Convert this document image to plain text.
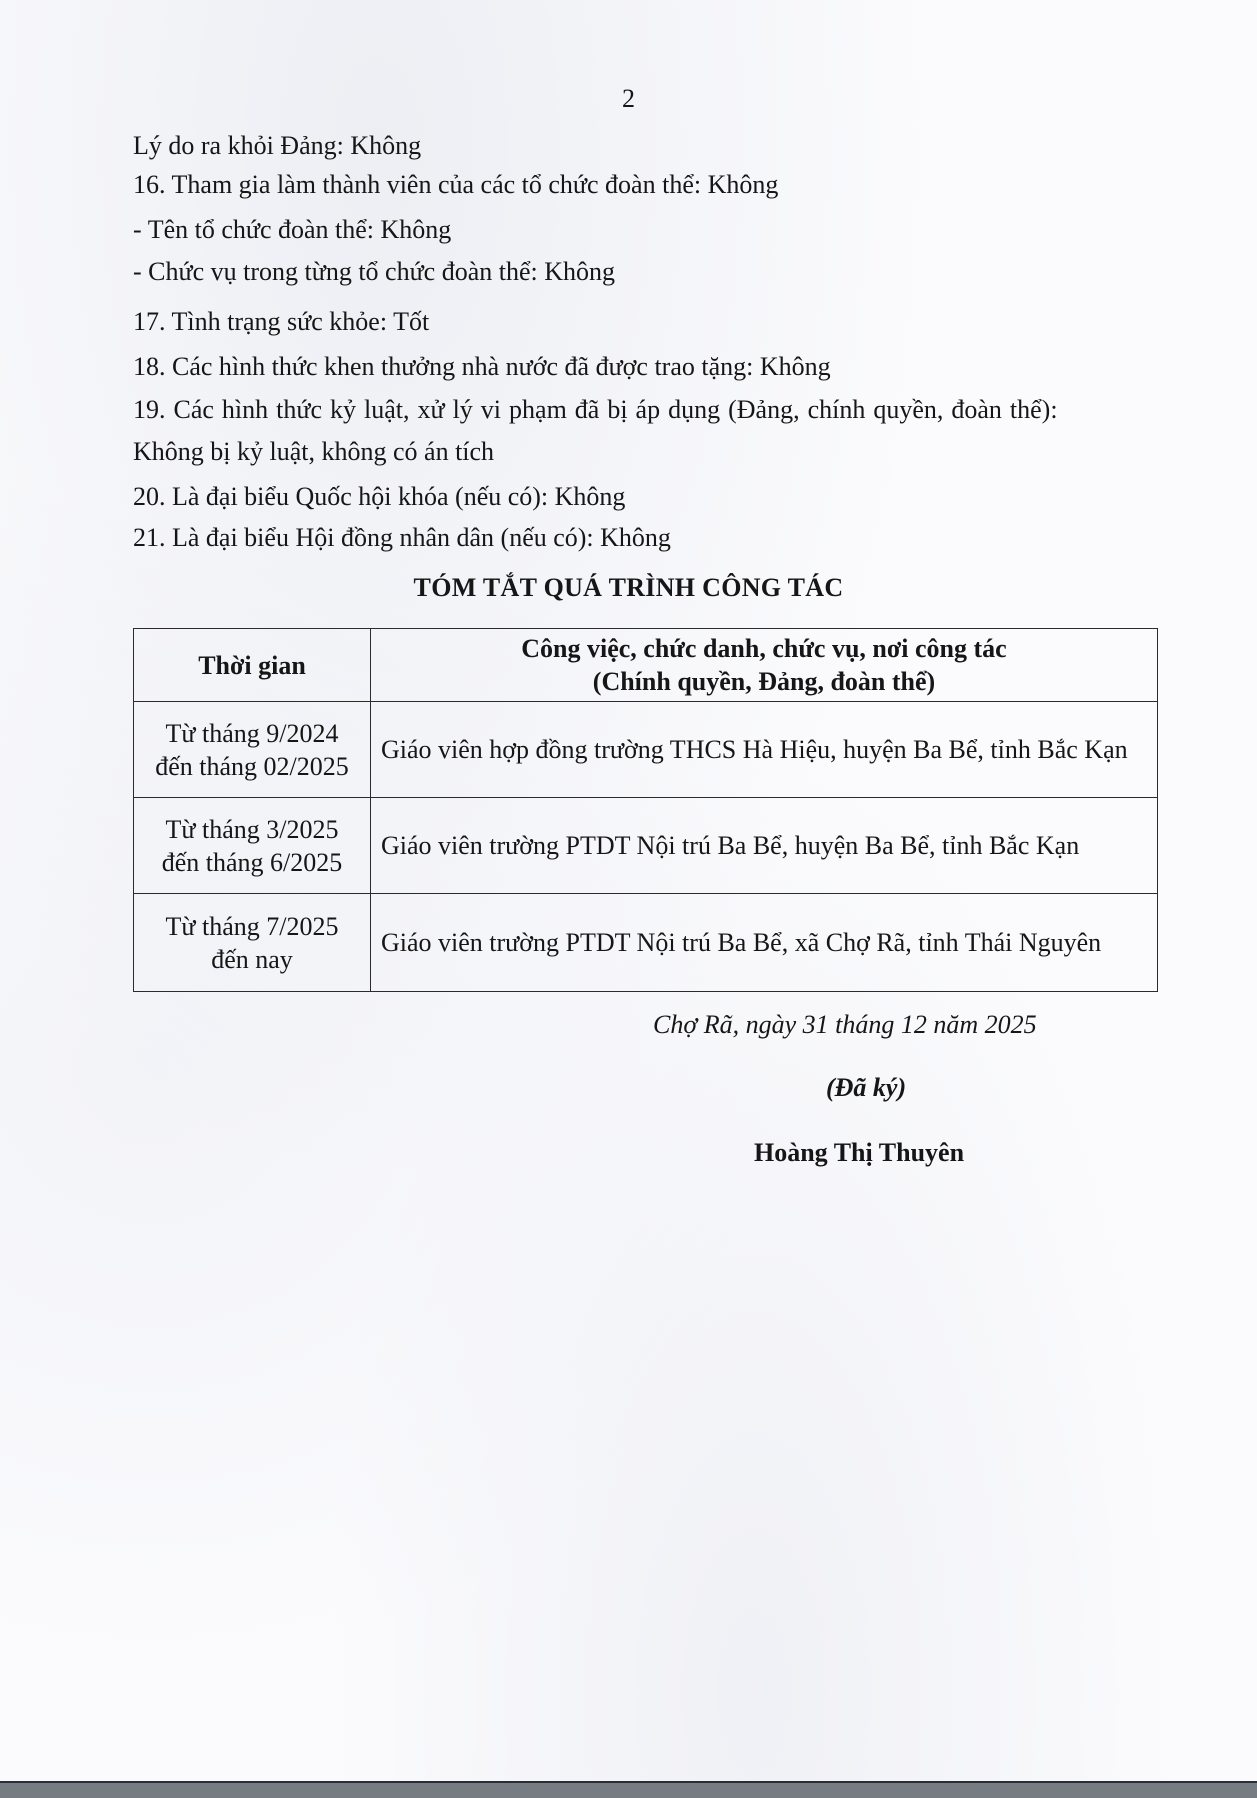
2
Lý do ra khỏi Đảng: Không
16. Tham gia làm thành viên của các tổ chức đoàn thể: Không
- Tên tổ chức đoàn thể: Không
- Chức vụ trong từng tổ chức đoàn thể: Không
17. Tình trạng sức khỏe: Tốt
18. Các hình thức khen thưởng nhà nước đã được trao tặng: Không
19. Các hình thức kỷ luật, xử lý vi phạm đã bị áp dụng (Đảng, chính quyền, đoàn thể):
Không bị kỷ luật, không có án tích
20. Là đại biểu Quốc hội khóa (nếu có): Không
21. Là đại biểu Hội đồng nhân dân (nếu có): Không
TÓM TẮT QUÁ TRÌNH CÔNG TÁC
Thời gian	Công việc, chức danh, chức vụ, nơi công tác
(Chính quyền, Đảng, đoàn thể)

Từ tháng 9/2024
đến tháng 02/2025	Giáo viên hợp đồng trường THCS Hà Hiệu, huyện Ba Bể, tỉnh Bắc Kạn

Từ tháng 3/2025
đến tháng 6/2025	Giáo viên trường PTDT Nội trú Ba Bể, huyện Ba Bể, tỉnh Bắc Kạn

Từ tháng 7/2025
đến nay	Giáo viên trường PTDT Nội trú Ba Bể, xã Chợ Rã, tỉnh Thái Nguyên
Chợ Rã, ngày 31 tháng 12 năm 2025
(Đã ký)
Hoàng Thị Thuyên
